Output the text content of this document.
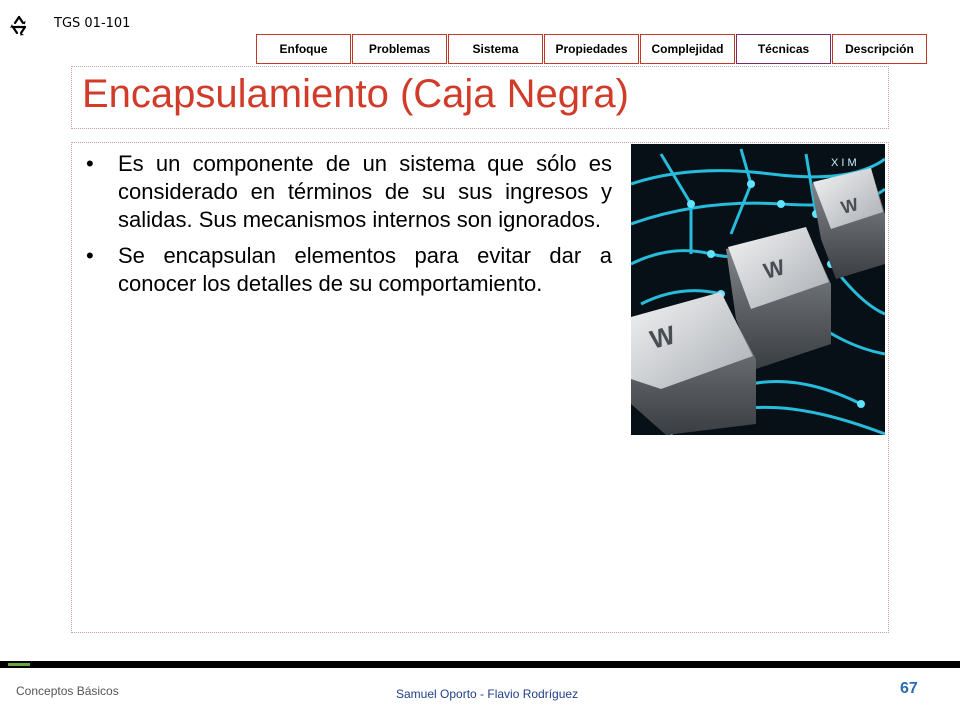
TGS 01-101
Enfoque	Problemas	Sistema	Propiedades	Complejidad	Técnicas	Descripción
Encapsulamiento (Caja Negra)
• Es un componente de un sistema que sólo es considerado en términos de su sus ingresos y salidas. Sus mecanismos internos son ignorados.
• Se encapsulan elementos para evitar dar a conocer los detalles de su comportamiento.
X I M
W
W
W
Conceptos Básicos	Samuel Oporto - Flavio Rodríguez	67
